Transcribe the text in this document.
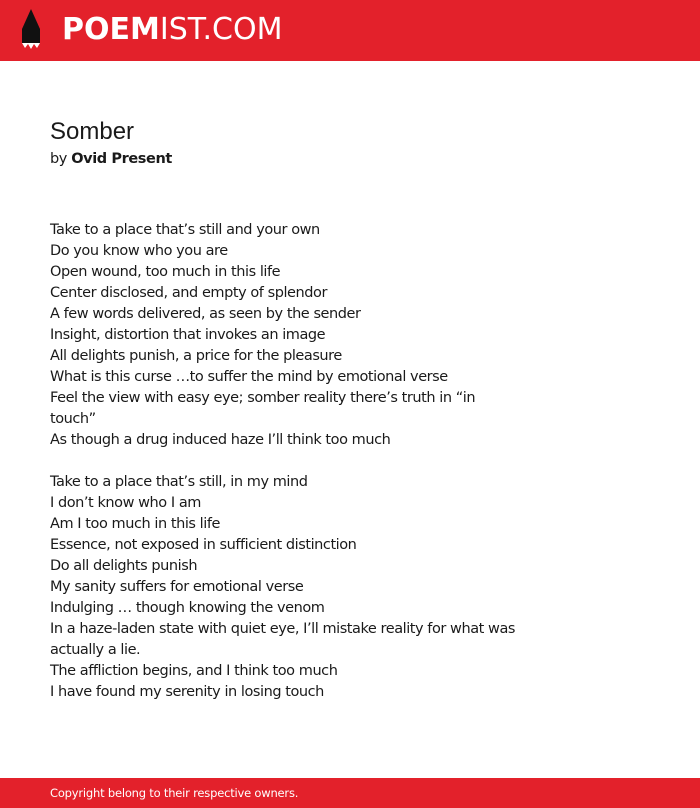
POEMIST.COM
Somber
by Ovid Present
Take to a place that’s still and your own
Do you know who you are
Open wound, too much in this life
Center disclosed, and empty of splendor
A few words delivered, as seen by the sender
Insight, distortion that invokes an image
All delights punish, a price for the pleasure
What is this curse …to suffer the mind by emotional verse
Feel the view with easy eye; somber reality there’s truth in “in touch”
As though a drug induced haze I’ll think too much
Take to a place that’s still, in my mind
I don’t know who I am
Am I too much in this life
Essence, not exposed in sufficient distinction
Do all delights punish
My sanity suffers for emotional verse
Indulging … though knowing the venom
In a haze-laden state with quiet eye, I’ll mistake reality for what was actually a lie.
The affliction begins, and I think too much
I have found my serenity in losing touch
Copyright belong to their respective owners.
